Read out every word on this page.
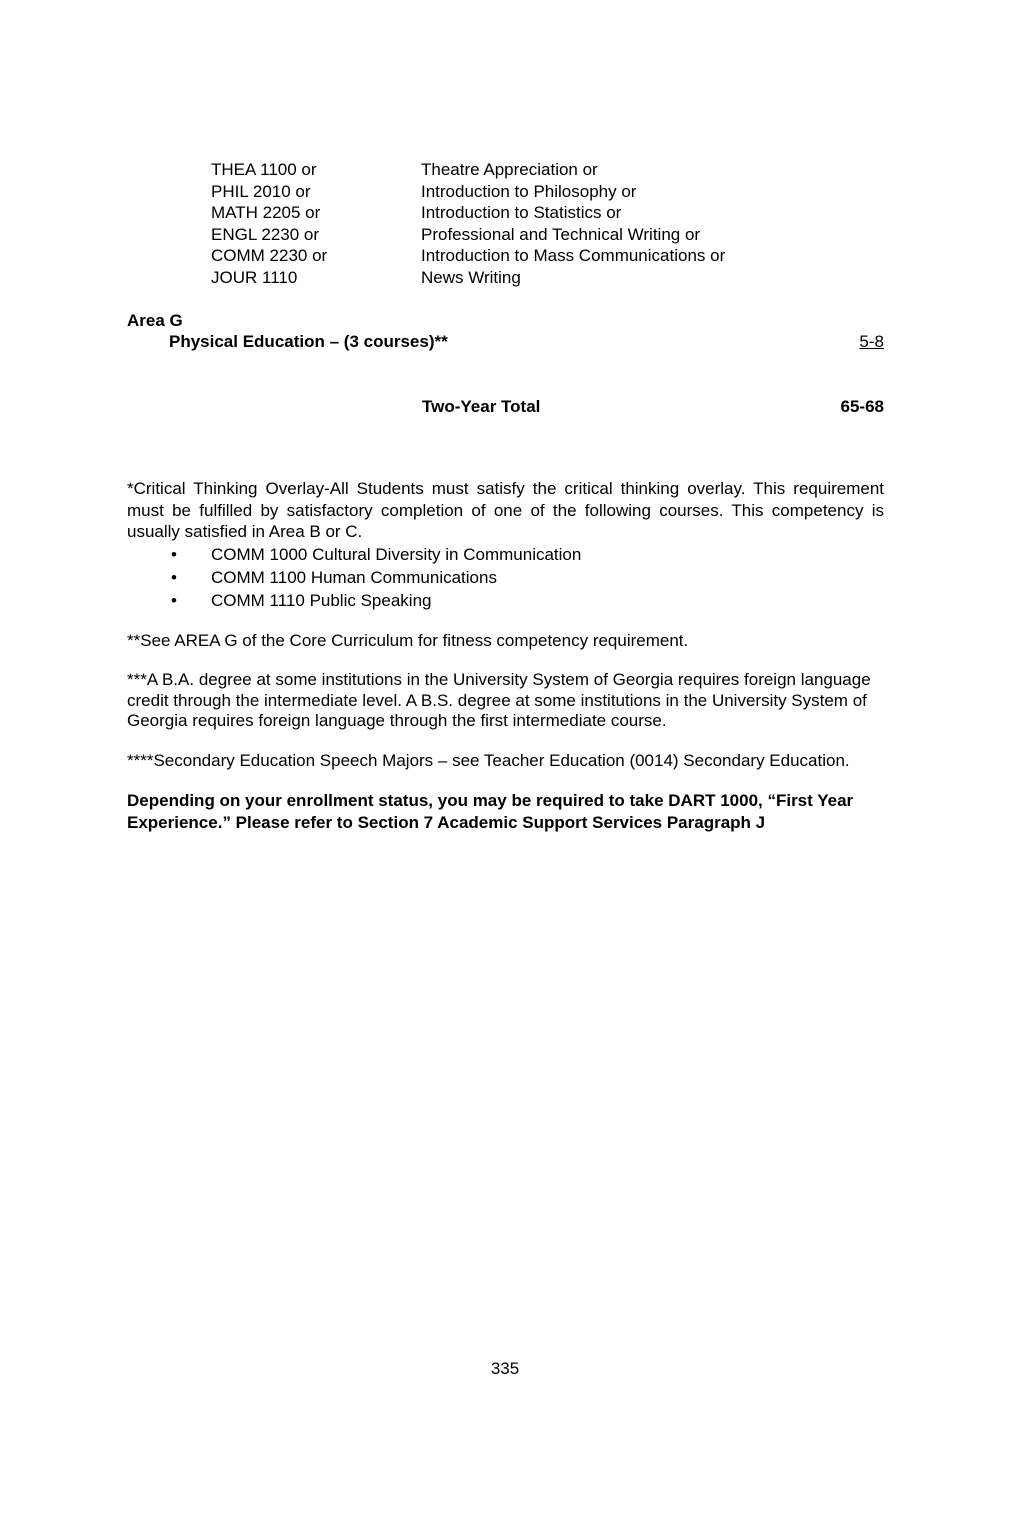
THEA 1100 or	Theatre Appreciation or
PHIL 2010 or	Introduction to Philosophy or
MATH 2205 or	Introduction to Statistics or
ENGL 2230 or	Professional and Technical Writing or
COMM 2230 or	Introduction to Mass Communications or
JOUR 1110	News Writing
Area G
Physical Education – (3 courses)**	5-8
Two-Year Total	65-68

*Critical Thinking Overlay-All Students must satisfy the critical thinking overlay. This requirement must be fulfilled by satisfactory completion of one of the following courses. This competency is usually satisfied in Area B or C.

• COMM 1000 Cultural Diversity in Communication
• COMM 1100 Human Communications
• COMM 1110 Public Speaking

**See AREA G of the Core Curriculum for fitness competency requirement.

***A B.A. degree at some institutions in the University System of Georgia requires foreign language credit through the intermediate level. A B.S. degree at some institutions in the University System of Georgia requires foreign language through the first intermediate course.

****Secondary Education Speech Majors – see Teacher Education (0014) Secondary Education.

Depending on your enrollment status, you may be required to take DART 1000, “First Year Experience.” Please refer to Section 7 Academic Support Services Paragraph J

335
